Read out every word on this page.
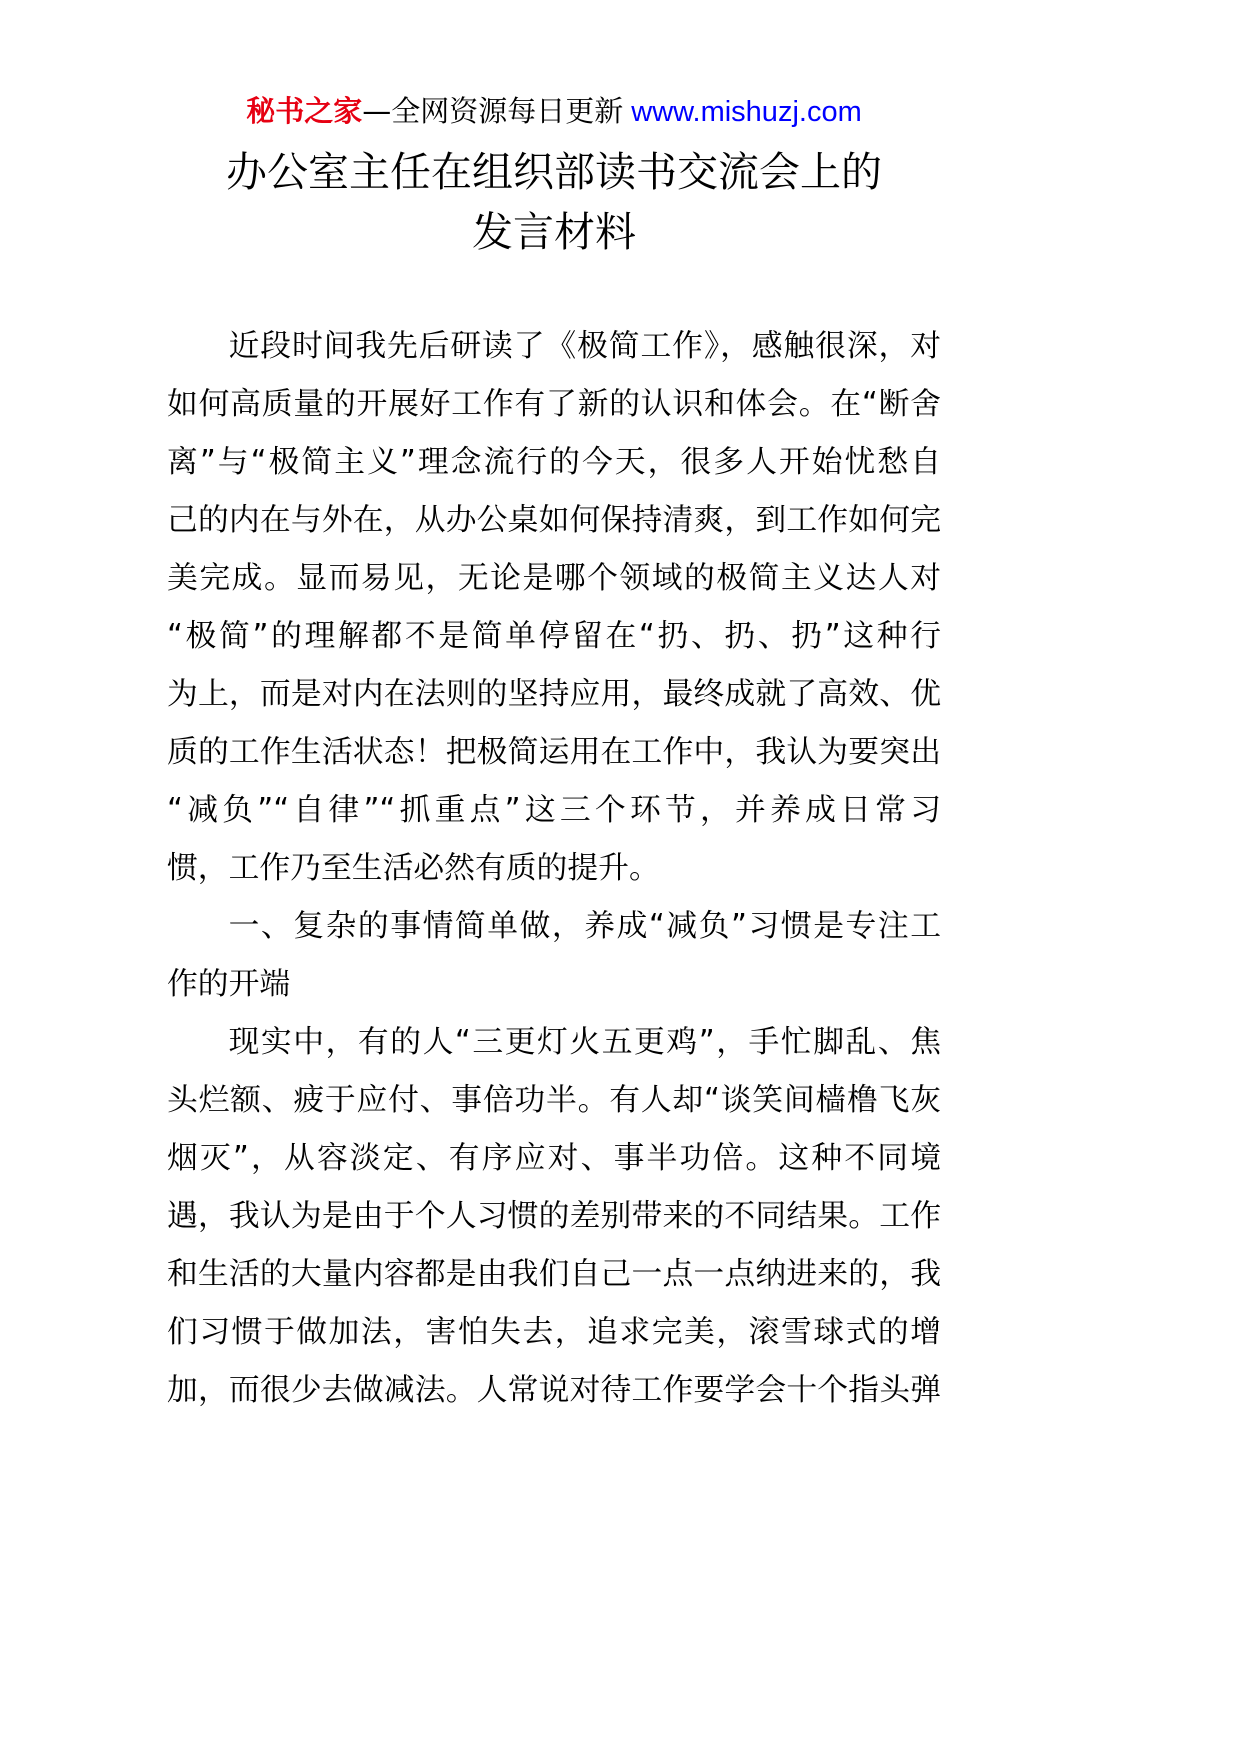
秘书之家—全网资源每日更新 www.mishuzj.com
办公室主任在组织部读书交流会上的
发言材料
近段时间我先后研读了《极简工作》，感触很深，对
如何高质量的开展好工作有了新的认识和体会。在“断舍
离”与“极简主义”理念流行的今天，很多人开始忧愁自
己的内在与外在，从办公桌如何保持清爽，到工作如何完
美完成。显而易见，无论是哪个领域的极简主义达人对
“极简”的理解都不是简单停留在“扔、扔、扔”这种行
为上，而是对内在法则的坚持应用，最终成就了高效、优
质的工作生活状态！把极简运用在工作中，我认为要突出
“减负”“自律”“抓重点”这三个环节，并养成日常习
惯，工作乃至生活必然有质的提升。
一、复杂的事情简单做，养成“减负”习惯是专注工
作的开端
现实中，有的人“三更灯火五更鸡”，手忙脚乱、焦
头烂额、疲于应付、事倍功半。有人却“谈笑间樯橹飞灰
烟灭”，从容淡定、有序应对、事半功倍。这种不同境
遇，我认为是由于个人习惯的差别带来的不同结果。工作
和生活的大量内容都是由我们自己一点一点纳进来的，我
们习惯于做加法，害怕失去，追求完美，滚雪球式的增
加，而很少去做减法。人常说对待工作要学会十个指头弹
